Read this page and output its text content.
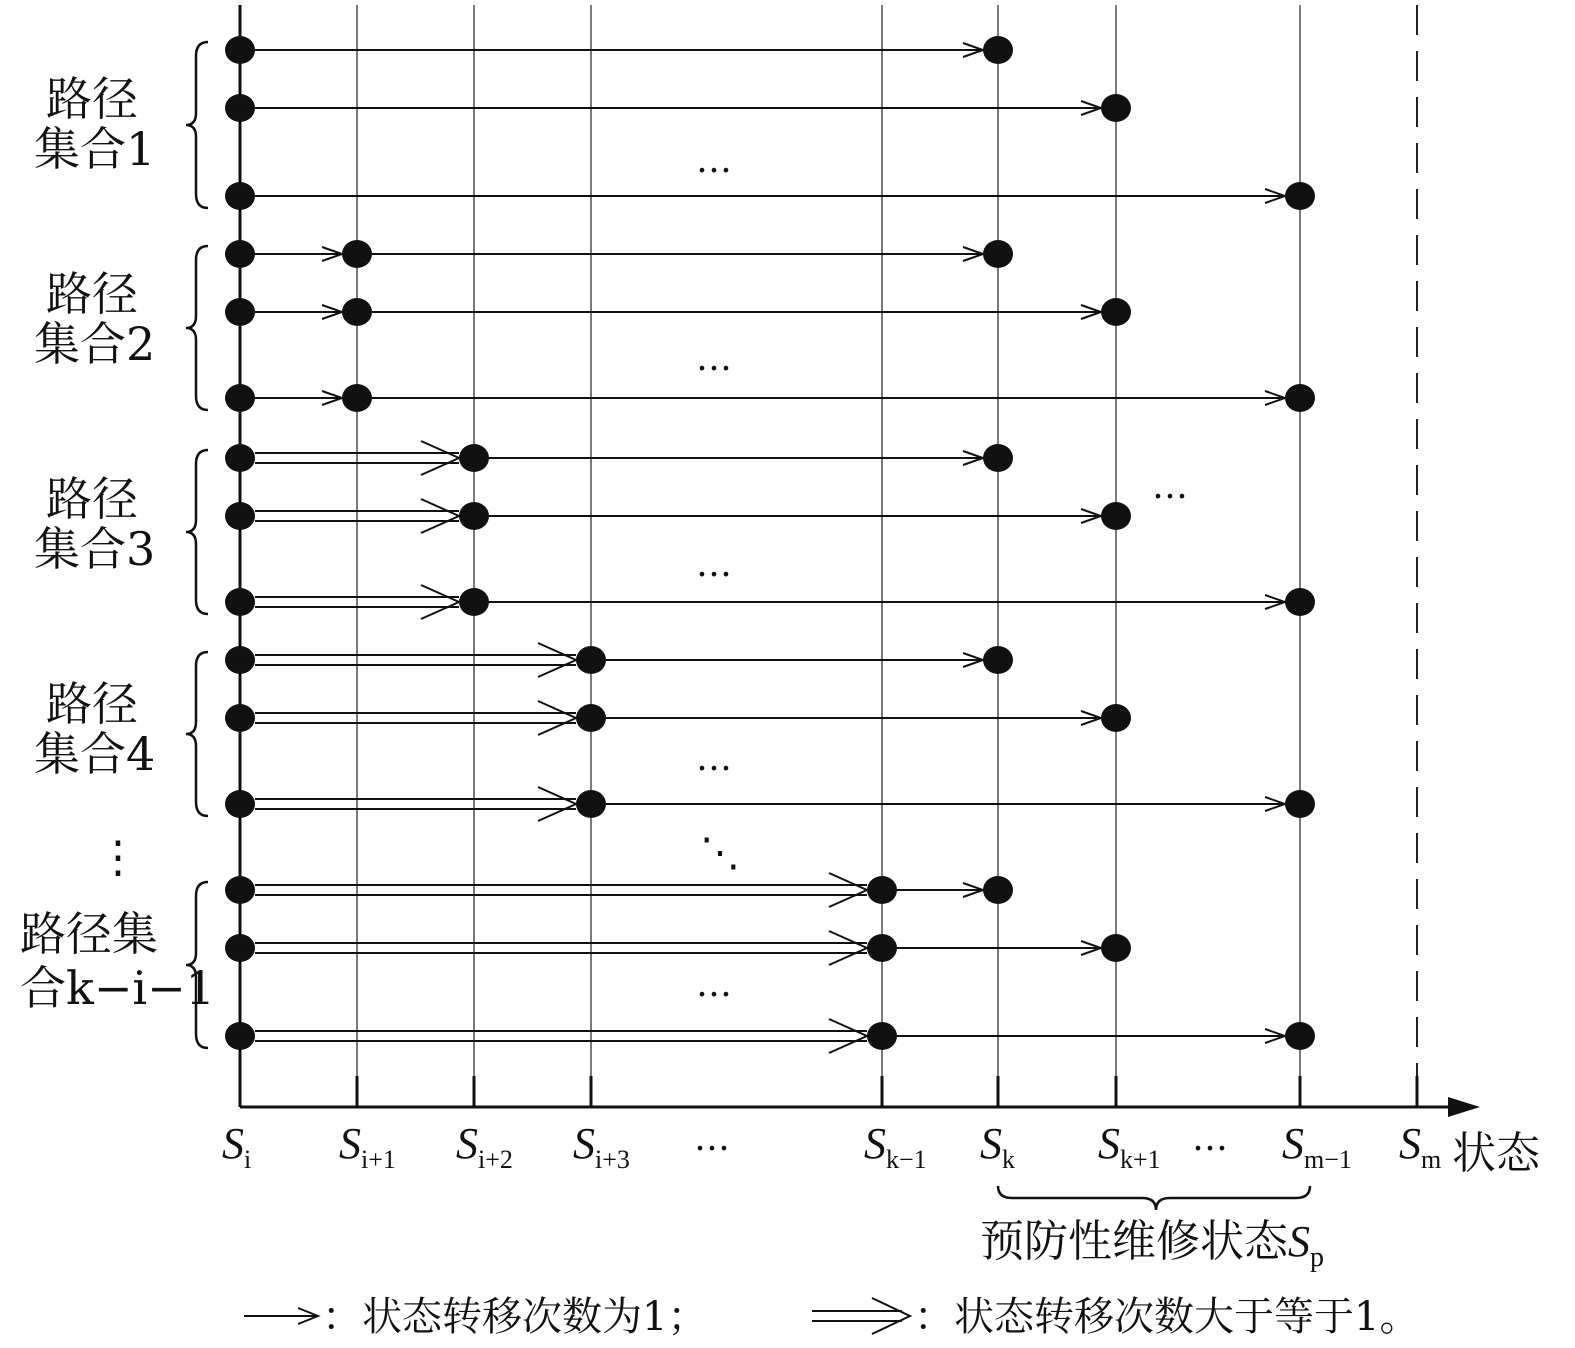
$S_i$ $S_{i+1}$ $S_{i+2}$ $S_{i+3}$
…	$S_{k-1}$ $S_k$ $S_{k+1}$
… $S_{m-1}$ $S_m$ 状态
路径
集合1
路径
集合2
路径
集合3
路径
集合4
路径集
合k−i−1
⋮
…
…
…
…
…
⋱
…
预防性维修状态$S_p$
：状态转移次数为1；	：状态转移次数大于等于1。
